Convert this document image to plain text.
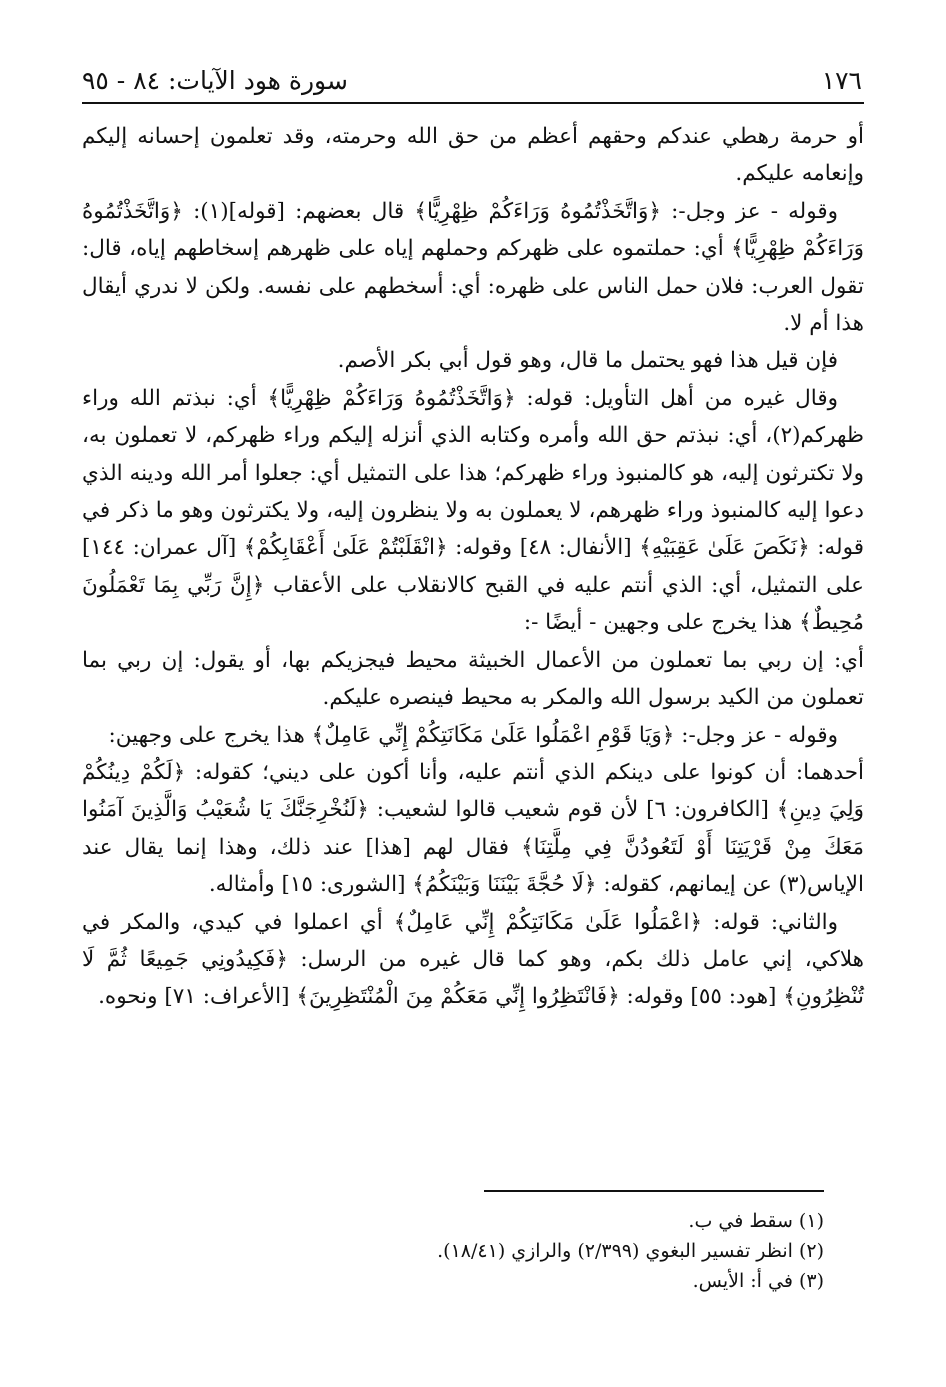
١٧٦
سورة هود الآيات: ٨٤ - ٩٥

أو حرمة رهطي عندكم وحقهم أعظم من حق الله وحرمته، وقد تعلمون إحسانه إليكم وإنعامه عليكم.

وقوله - عز وجل-: ﴿وَاتَّخَذْتُمُوهُ وَرَاءَكُمْ ظِهْرِيًّا﴾ قال بعضهم: [قوله](١): ﴿وَاتَّخَذْتُمُوهُ وَرَاءَكُمْ ظِهْرِيًّا﴾ أي: حملتموه على ظهركم وحملهم إياه على ظهرهم إسخاطهم إياه، قال: تقول العرب: فلان حمل الناس على ظهره: أي: أسخطهم على نفسه. ولكن لا ندري أيقال هذا أم لا.

فإن قيل هذا فهو يحتمل ما قال، وهو قول أبي بكر الأصم.

وقال غيره من أهل التأويل: قوله: ﴿وَاتَّخَذْتُمُوهُ وَرَاءَكُمْ ظِهْرِيًّا﴾ أي: نبذتم الله وراء ظهركم(٢)، أي: نبذتم حق الله وأمره وكتابه الذي أنزله إليكم وراء ظهركم، لا تعملون به، ولا تكترثون إليه، هو كالمنبوذ وراء ظهركم؛ هذا على التمثيل أي: جعلوا أمر الله ودينه الذي دعوا إليه كالمنبوذ وراء ظهرهم، لا يعملون به ولا ينظرون إليه، ولا يكترثون وهو ما ذكر في قوله: ﴿نَكَصَ عَلَىٰ عَقِبَيْهِ﴾ [الأنفال: ٤٨] وقوله: ﴿انْقَلَبْتُمْ عَلَىٰ أَعْقَابِكُمْ﴾ [آل عمران: ١٤٤] على التمثيل، أي: الذي أنتم عليه في القبح كالانقلاب على الأعقاب ﴿إِنَّ رَبِّي بِمَا تَعْمَلُونَ مُحِيطٌ﴾ هذا يخرج على وجهين - أيضًا -:

أي: إن ربي بما تعملون من الأعمال الخبيثة محيط فيجزيكم بها، أو يقول: إن ربي بما تعملون من الكيد برسول الله والمكر به محيط فينصره عليكم.

وقوله - عز وجل-: ﴿وَيَا قَوْمِ اعْمَلُوا عَلَىٰ مَكَانَتِكُمْ إِنِّي عَامِلٌ﴾ هذا يخرج على وجهين:

أحدهما: أن كونوا على دينكم الذي أنتم عليه، وأنا أكون على ديني؛ كقوله: ﴿لَكُمْ دِينُكُمْ وَلِيَ دِينِ﴾ [الكافرون: ٦] لأن قوم شعيب قالوا لشعيب: ﴿لَنُخْرِجَنَّكَ يَا شُعَيْبُ وَالَّذِينَ آمَنُوا مَعَكَ مِنْ قَرْيَتِنَا أَوْ لَتَعُودُنَّ فِي مِلَّتِنَا﴾ فقال لهم [هذا] عند ذلك، وهذا إنما يقال عند الإياس(٣) عن إيمانهم، كقوله: ﴿لَا حُجَّةَ بَيْنَنَا وَبَيْنَكُمُ﴾ [الشورى: ١٥] وأمثاله.

والثاني: قوله: ﴿اعْمَلُوا عَلَىٰ مَكَانَتِكُمْ إِنِّي عَامِلٌ﴾ أي اعملوا في كيدي، والمكر في هلاكي، إني عامل ذلك بكم، وهو كما قال غيره من الرسل: ﴿فَكِيدُونِي جَمِيعًا ثُمَّ لَا تُنْظِرُونِ﴾ [هود: ٥٥] وقوله: ﴿فَانْتَظِرُوا إِنِّي مَعَكُمْ مِنَ الْمُنْتَظِرِينَ﴾ [الأعراف: ٧١] ونحوه.

(١) سقط في ب.
(٢) انظر تفسير البغوي (٢/٣٩٩) والرازي (١٨/٤١).
(٣) في أ: الأيس.
